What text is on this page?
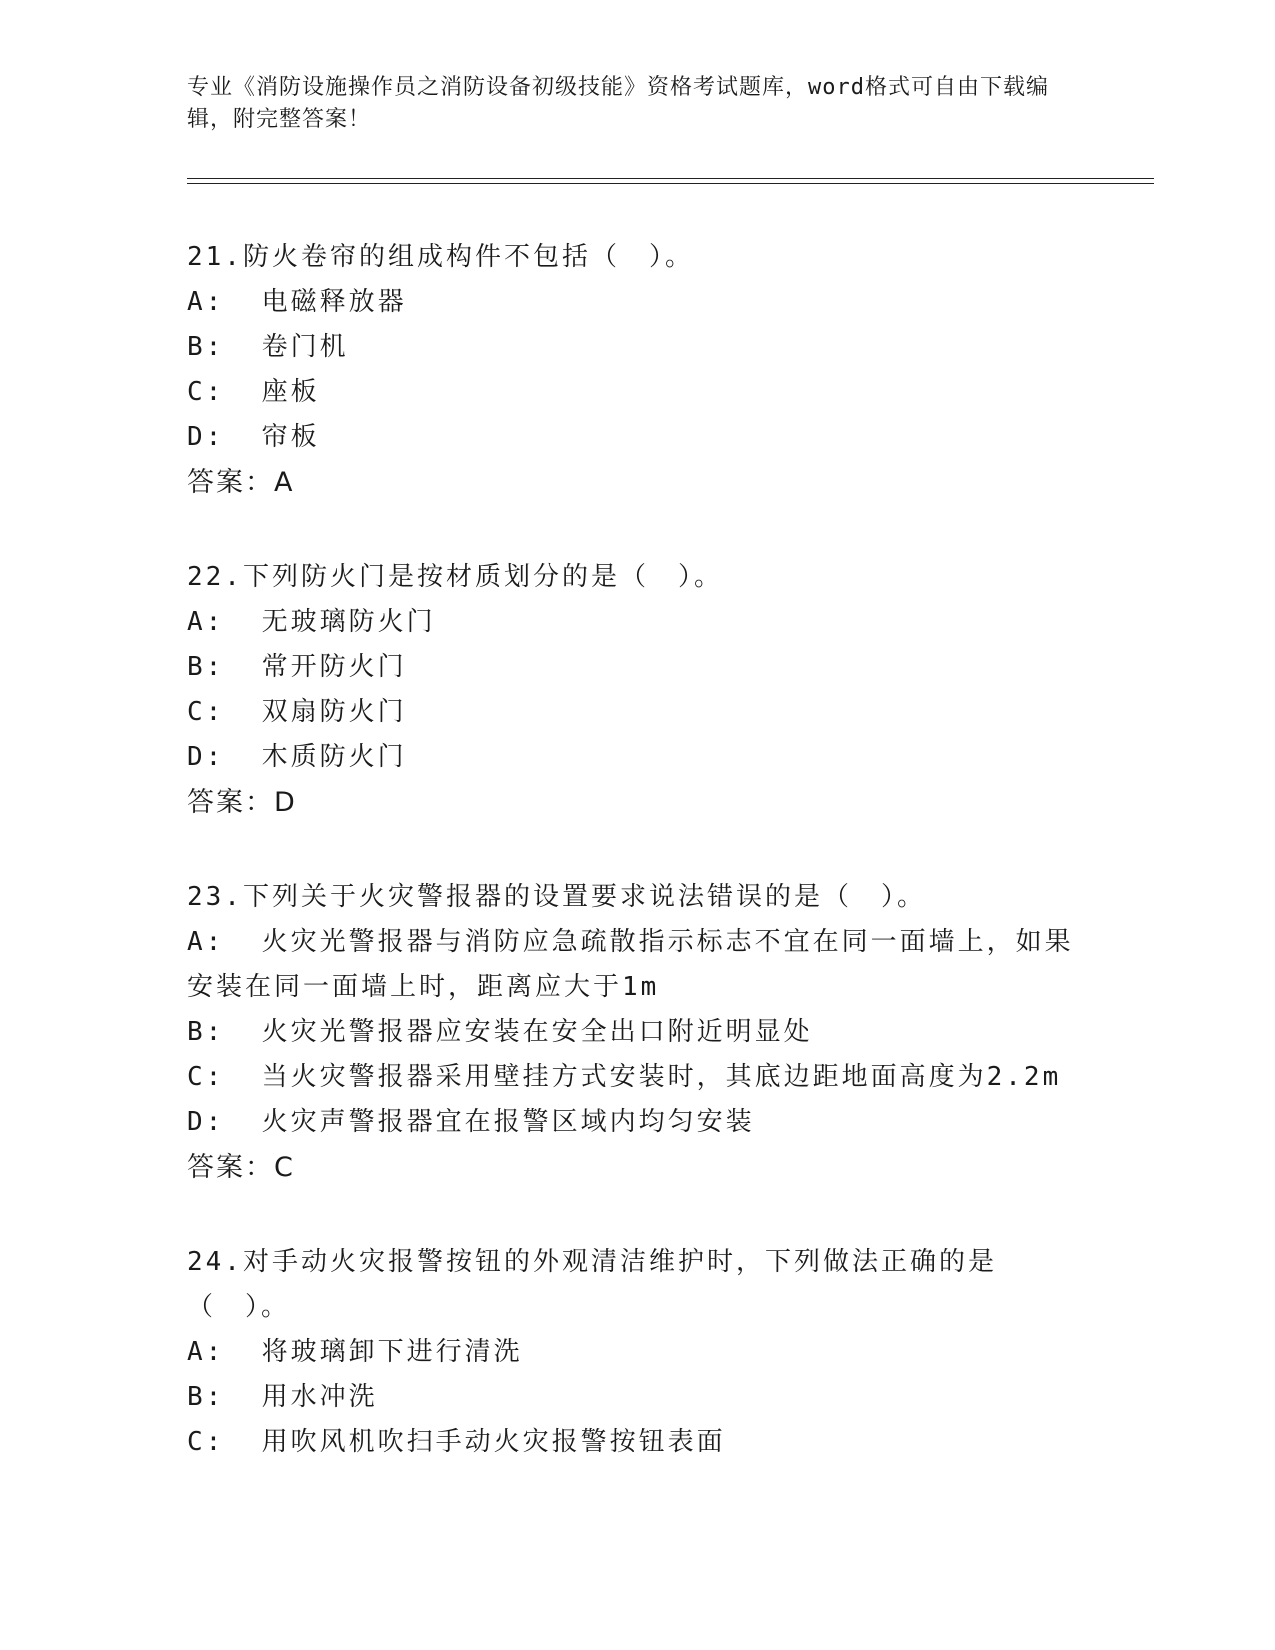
专业《消防设施操作员之消防设备初级技能》资格考试题库，word格式可自由下载编辑，附完整答案！
21.防火卷帘的组成构件不包括（　）。
A:  电磁释放器
B:  卷门机
C:  座板
D:  帘板
答案：A
22.下列防火门是按材质划分的是（　）。
A:  无玻璃防火门
B:  常开防火门
C:  双扇防火门
D:  木质防火门
答案：D
23.下列关于火灾警报器的设置要求说法错误的是（　）。
A:  火灾光警报器与消防应急疏散指示标志不宜在同一面墙上，如果安装在同一面墙上时，距离应大于1m
B:  火灾光警报器应安装在安全出口附近明显处
C:  当火灾警报器采用壁挂方式安装时，其底边距地面高度为2.2m
D:  火灾声警报器宜在报警区域内均匀安装
答案：C
24.对手动火灾报警按钮的外观清洁维护时，下列做法正确的是（　）。
A:  将玻璃卸下进行清洗
B:  用水冲洗
C:  用吹风机吹扫手动火灾报警按钮表面
